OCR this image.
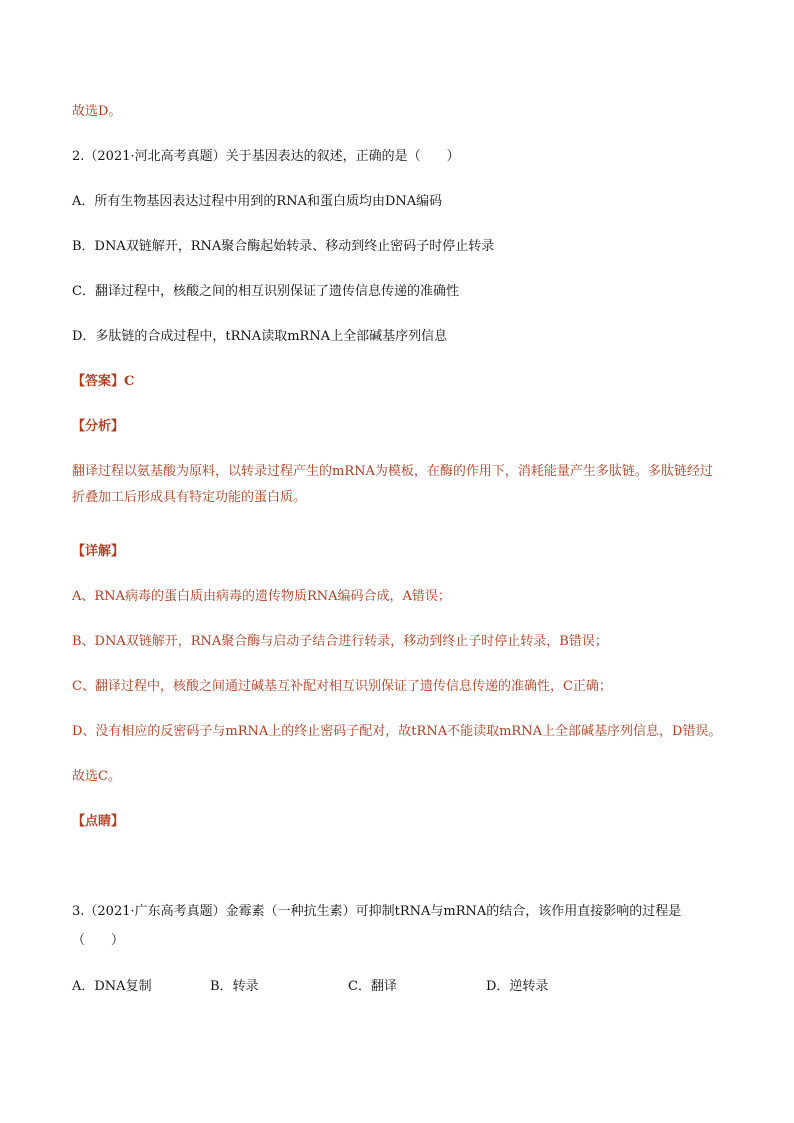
故选D。
2.（2021·河北高考真题）关于基因表达的叙述，正确的是（　　）
A．所有生物基因表达过程中用到的RNA和蛋白质均由DNA编码
B．DNA双链解开，RNA聚合酶起始转录、移动到终止密码子时停止转录
C．翻译过程中，核酸之间的相互识别保证了遗传信息传递的准确性
D．多肽链的合成过程中，tRNA读取mRNA上全部碱基序列信息
【答案】C
【分析】
翻译过程以氨基酸为原料，以转录过程产生的mRNA为模板，在酶的作用下，消耗能量产生多肽链。多肽链经过折叠加工后形成具有特定功能的蛋白质。
【详解】
A、RNA病毒的蛋白质由病毒的遗传物质RNA编码合成，A错误；
B、DNA双链解开，RNA聚合酶与启动子结合进行转录，移动到终止子时停止转录，B错误；
C、翻译过程中，核酸之间通过碱基互补配对相互识别保证了遗传信息传递的准确性，C正确；
D、没有相应的反密码子与mRNA上的终止密码子配对，故tRNA不能读取mRNA上全部碱基序列信息，D错误。
故选C。
【点睛】
3.（2021·广东高考真题）金霉素（一种抗生素）可抑制tRNA与mRNA的结合，该作用直接影响的过程是
（　　）
A．DNA复制	B．转录	C．翻译	D．逆转录
